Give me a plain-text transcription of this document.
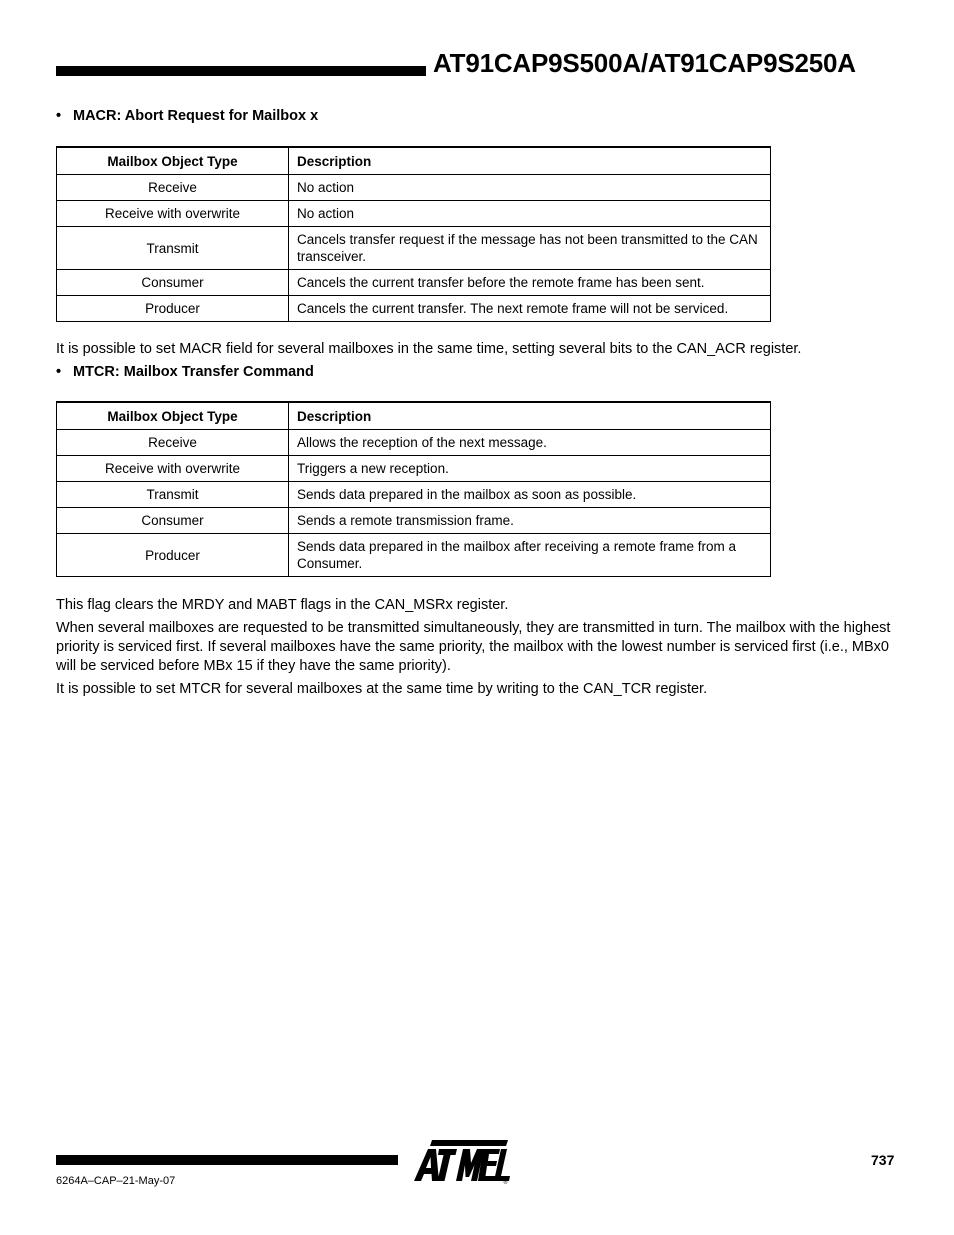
AT91CAP9S500A/AT91CAP9S250A
• MACR: Abort Request for Mailbox x
Mailbox Object Type	Description
Receive	No action
Receive with overwrite	No action
Transmit	Cancels transfer request if the message has not been transmitted to the CAN transceiver.
Consumer	Cancels the current transfer before the remote frame has been sent.
Producer	Cancels the current transfer. The next remote frame will not be serviced.
It is possible to set MACR field for several mailboxes in the same time, setting several bits to the CAN_ACR register.
• MTCR: Mailbox Transfer Command
Mailbox Object Type	Description
Receive	Allows the reception of the next message.
Receive with overwrite	Triggers a new reception.
Transmit	Sends data prepared in the mailbox as soon as possible.
Consumer	Sends a remote transmission frame.
Producer	Sends data prepared in the mailbox after receiving a remote frame from a Consumer.
This flag clears the MRDY and MABT flags in the CAN_MSRx register.
When several mailboxes are requested to be transmitted simultaneously, they are transmitted in turn. The mailbox with the highest priority is serviced first. If several mailboxes have the same priority, the mailbox with the lowest number is serviced first (i.e., MBx0 will be serviced before MBx 15 if they have the same priority).
It is possible to set MTCR for several mailboxes at the same time by writing to the CAN_TCR register.
6264A–CAP–21-May-07
737
®
